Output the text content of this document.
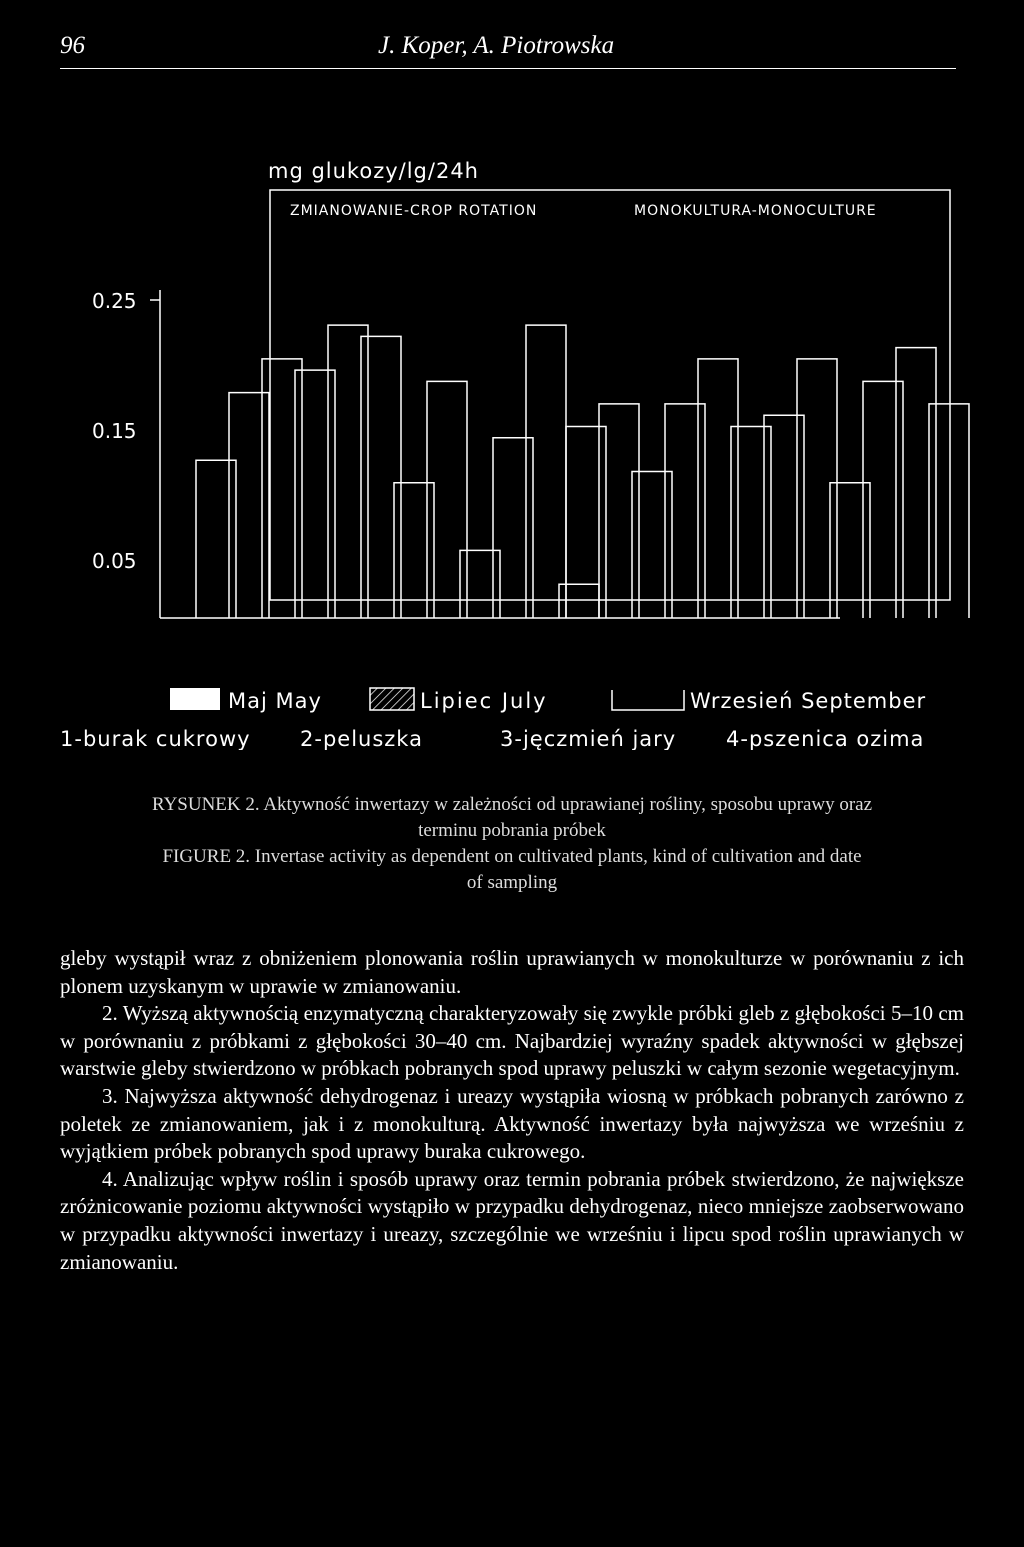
96	J. Koper, A. Piotrowska
mg glukozy/lg/24h
ZMIANOWANIE-CROP ROTATION	MONOKULTURA-MONOCULTURE
0.25
0.15
0.05
Maj May	Lipiec July	Wrzesień September
1-burak cukrowy 2-peluszka	3-jęczmień jary 4-pszenica ozima
RYSUNEK 2. Aktywność inwertazy w zależności od uprawianej rośliny, sposobu uprawy oraz
terminu pobrania próbek
FIGURE 2. Invertase activity as dependent on cultivated plants, kind of cultivation and date
of sampling

gleby wystąpił wraz z obniżeniem plonowania roślin uprawianych w monokulturze w porównaniu z ich plonem uzyskanym w uprawie w zmianowaniu.

2. Wyższą aktywnością enzymatyczną charakteryzowały się zwykle próbki gleb z głębokości 5–10 cm w porównaniu z próbkami z głębokości 30–40 cm. Najbardziej wyraźny spadek aktywności w głębszej warstwie gleby stwierdzono w próbkach pobranych spod uprawy peluszki w całym sezonie wegetacyjnym.

3. Najwyższa aktywność dehydrogenaz i ureazy wystąpiła wiosną w próbkach pobranych zarówno z poletek ze zmianowaniem, jak i z monokulturą. Aktywność inwertazy była najwyższa we wrześniu z wyjątkiem próbek pobranych spod uprawy buraka cukrowego.

4. Analizując wpływ roślin i sposób uprawy oraz termin pobrania próbek stwierdzono, że największe zróżnicowanie poziomu aktywności wystąpiło w przypadku dehydrogenaz, nieco mniejsze zaobserwowano w przypadku aktywności inwertazy i ureazy, szczególnie we wrześniu i lipcu spod roślin uprawianych w zmianowaniu.
